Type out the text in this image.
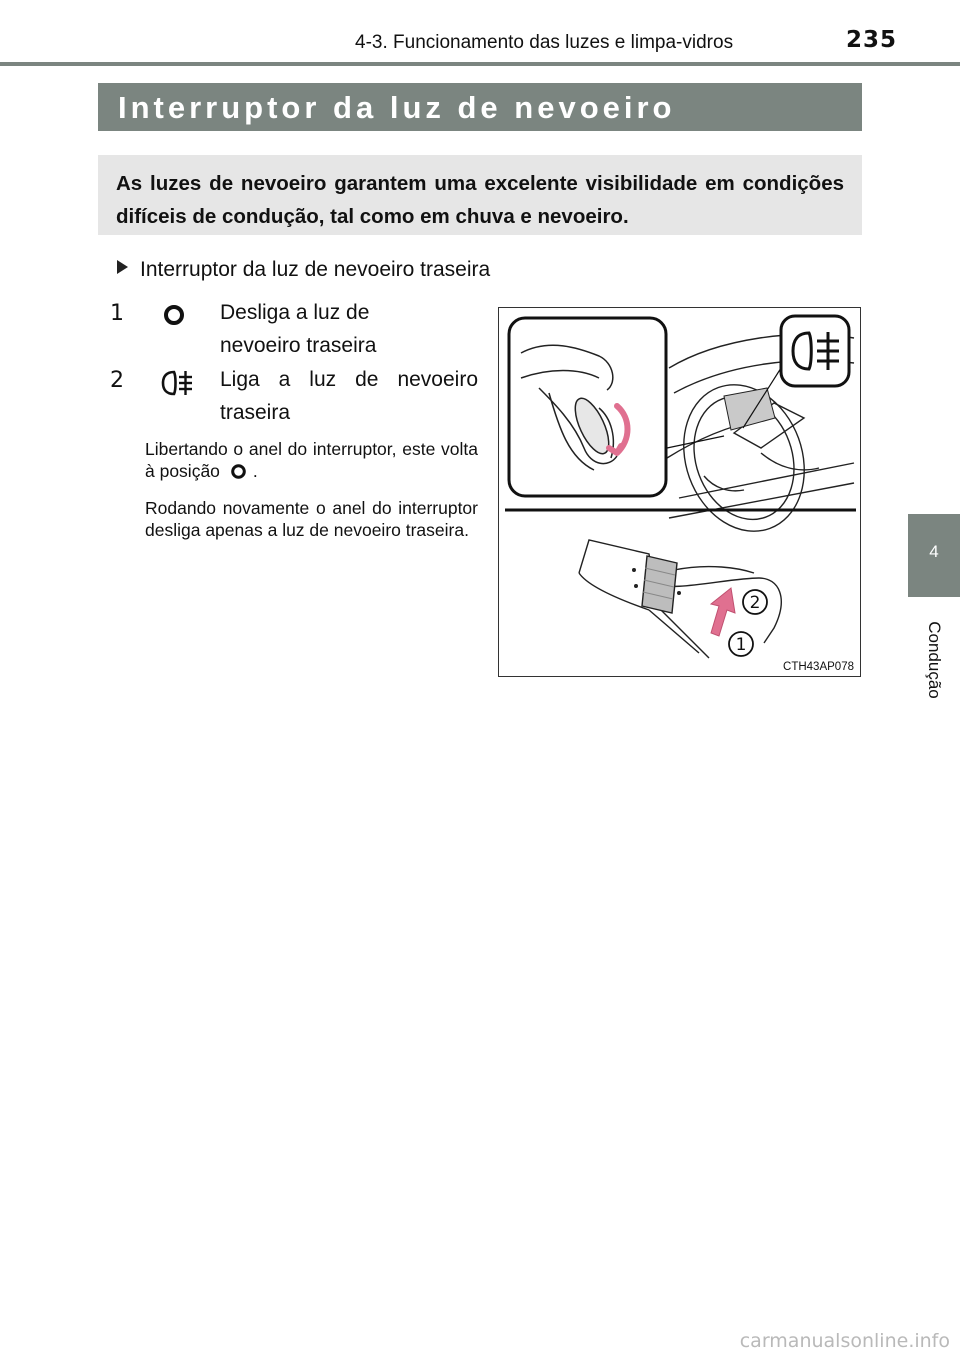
4-3. Funcionamento das luzes e limpa-vidros	235
Interruptor da luz de nevoeiro

As luzes de nevoeiro garantem uma excelente visibilidade em condições difíceis de condução, tal como em chuva e nevoeiro.

Interruptor da luz de nevoeiro traseira
1	Desliga a luz de
nevoeiro traseira

2	Liga a luz de nevoeiro
traseira

Libertando o anel do interruptor, este volta à posição .

Rodando novamente o anel do interruptor desliga apenas a luz de nevoeiro traseira.

2
1
CTH43AP078
4
Condução
carmanualsonline.info
